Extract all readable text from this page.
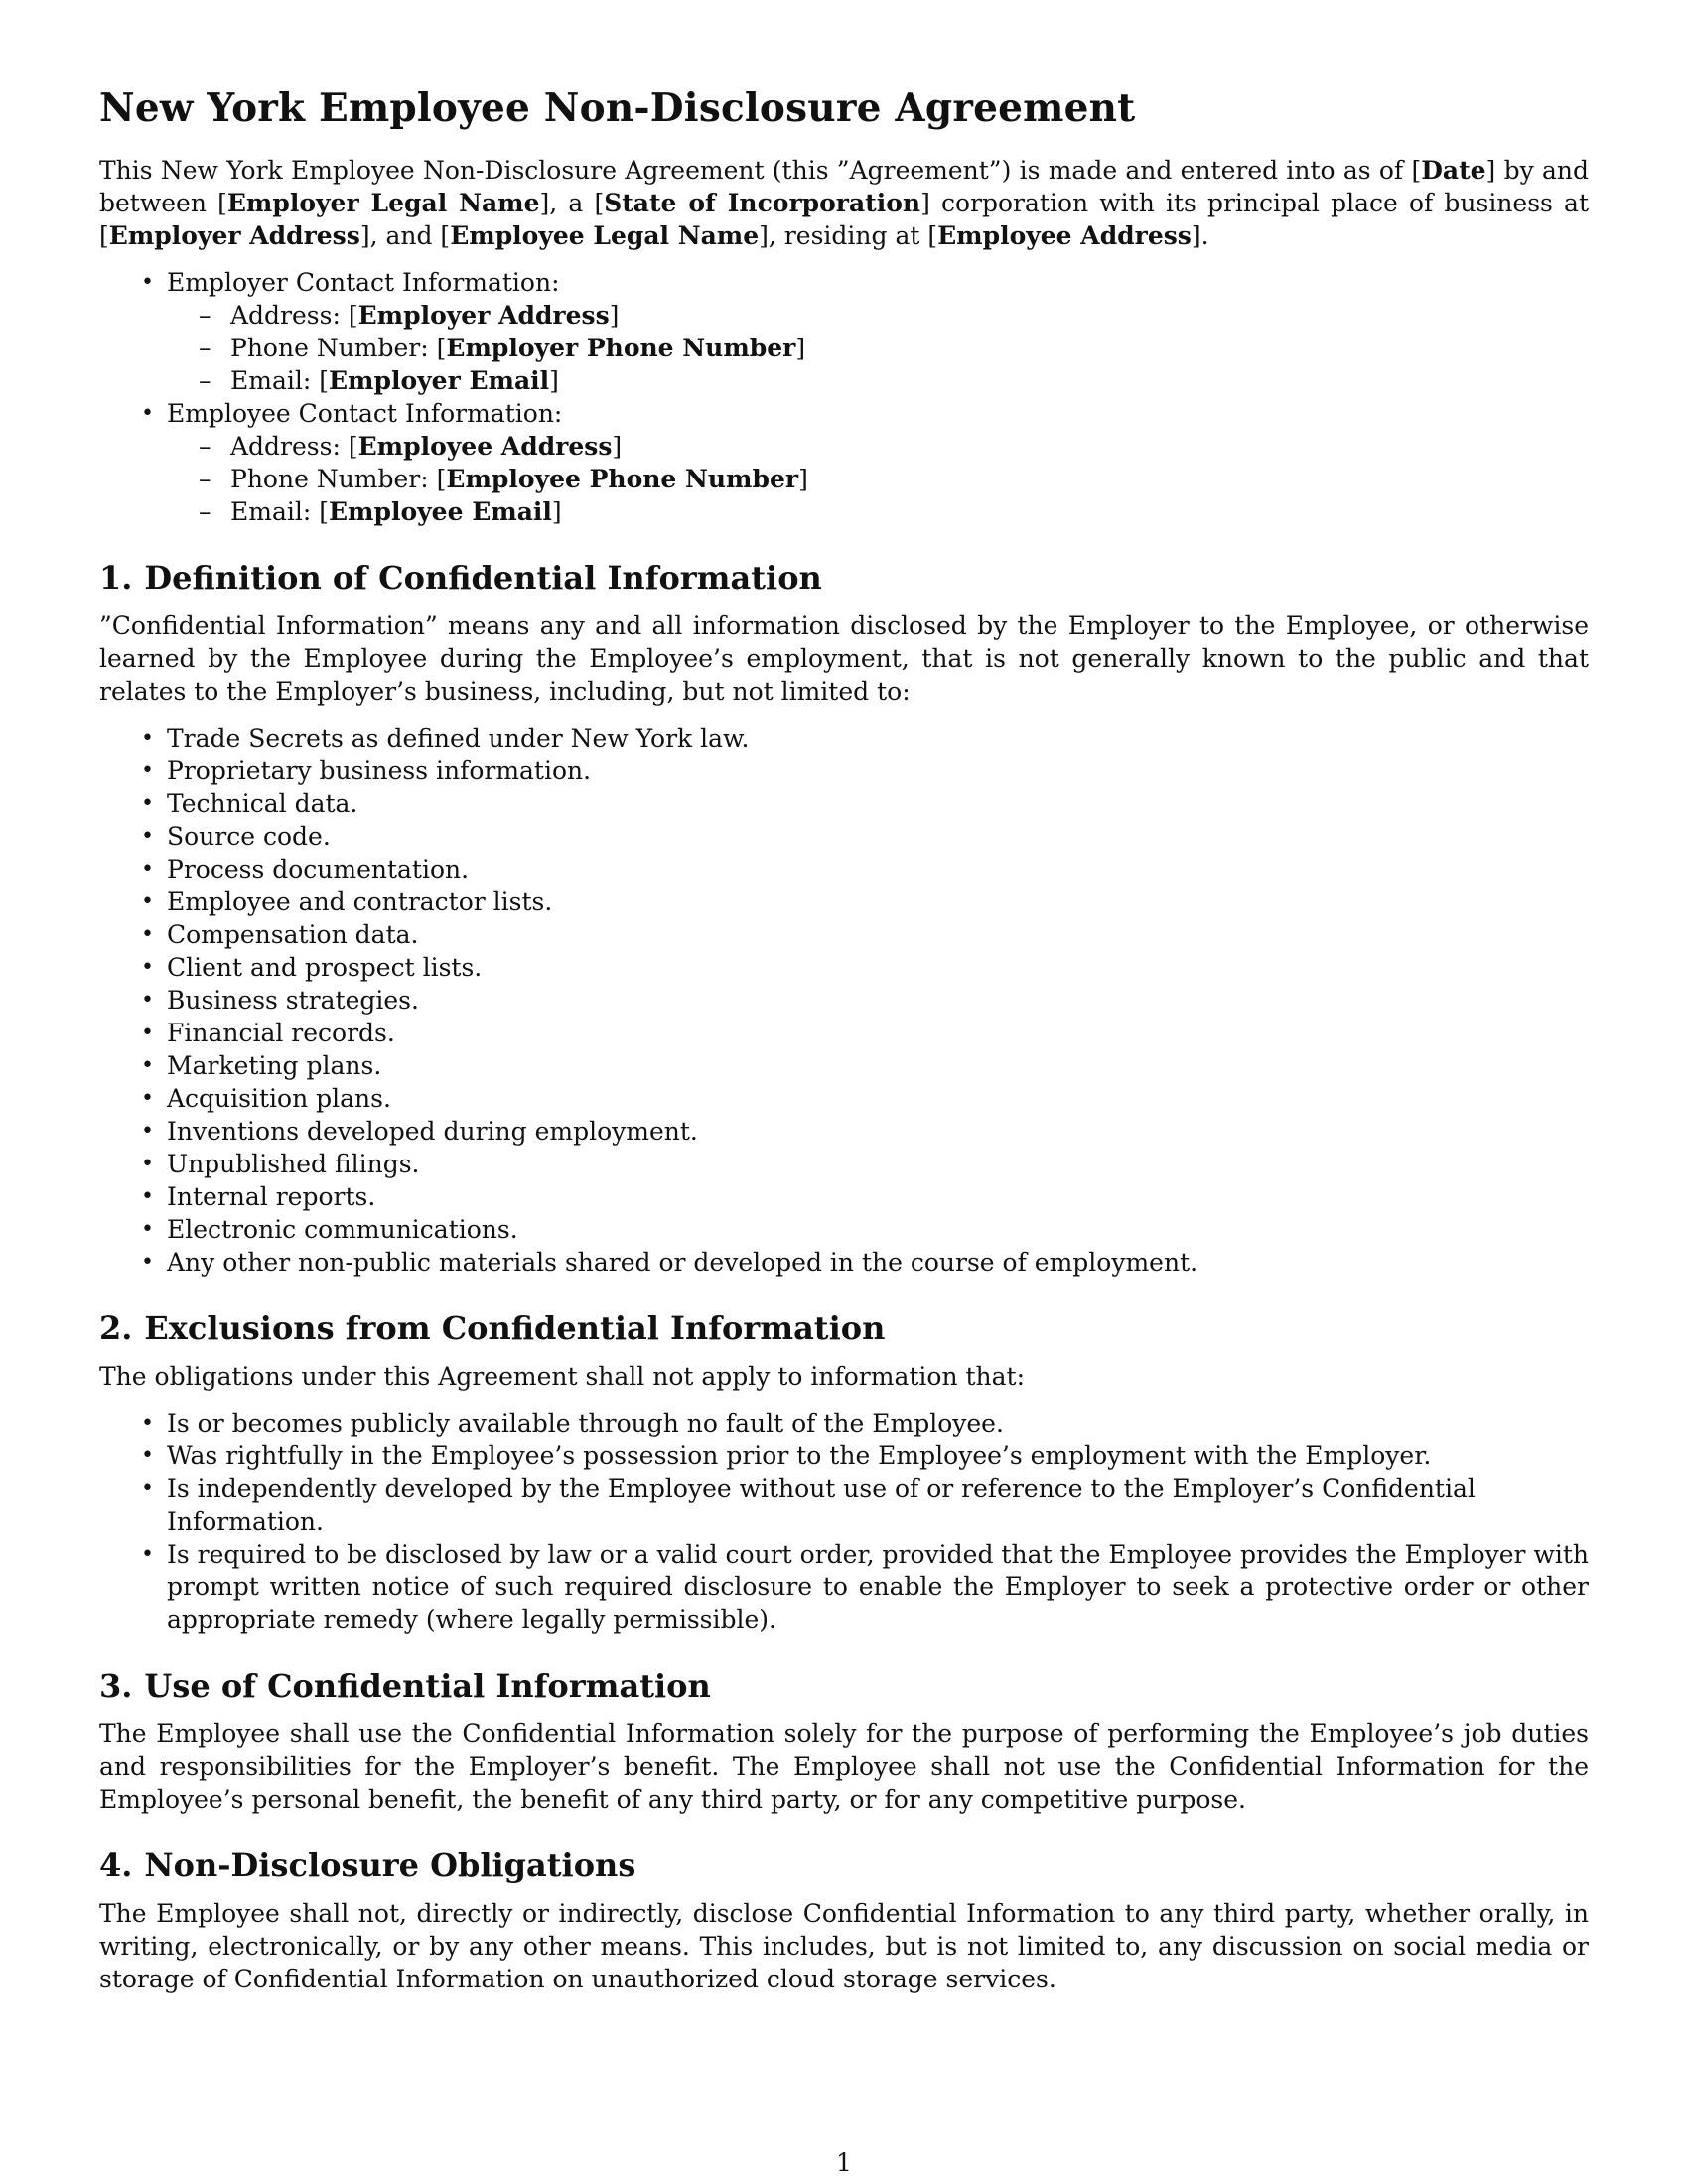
New York Employee Non-Disclosure Agreement

This New York Employee Non-Disclosure Agreement (this ”Agreement”) is made and entered into as of [Date] by and between [Employer Legal Name], a [State of Incorporation] corporation with its principal place of business at [Employer Address], and [Employee Legal Name], residing at [Employee Address].

• Employer Contact Information:
– Address: [Employer Address]
– Phone Number: [Employer Phone Number]
– Email: [Employer Email]
• Employee Contact Information:
– Address: [Employee Address]
– Phone Number: [Employee Phone Number]
– Email: [Employee Email]
1. Definition of Confidential Information

”Confidential Information” means any and all information disclosed by the Employer to the Employee, or otherwise learned by the Employee during the Employee’s employment, that is not generally known to the public and that relates to the Employer’s business, including, but not limited to:

• Trade Secrets as defined under New York law.
• Proprietary business information.
• Technical data.
• Source code.
• Process documentation.
• Employee and contractor lists.
• Compensation data.
• Client and prospect lists.
• Business strategies.
• Financial records.
• Marketing plans.
• Acquisition plans.
• Inventions developed during employment.
• Unpublished filings.
• Internal reports.
• Electronic communications.
• Any other non-public materials shared or developed in the course of employment.
2. Exclusions from Confidential Information

The obligations under this Agreement shall not apply to information that:

• Is or becomes publicly available through no fault of the Employee.
• Was rightfully in the Employee’s possession prior to the Employee’s employment with the Employer.
• Is independently developed by the Employee without use of or reference to the Employer’s Confidential Information.
• Is required to be disclosed by law or a valid court order, provided that the Employee provides the Employer with prompt written notice of such required disclosure to enable the Employer to seek a protective order or other appropriate remedy (where legally permissible).
3. Use of Confidential Information

The Employee shall use the Confidential Information solely for the purpose of performing the Employee’s job duties and responsibilities for the Employer’s benefit. The Employee shall not use the Confidential Information for the Employee’s personal benefit, the benefit of any third party, or for any competitive purpose.

4. Non-Disclosure Obligations

The Employee shall not, directly or indirectly, disclose Confidential Information to any third party, whether orally, in writing, electronically, or by any other means. This includes, but is not limited to, any discussion on social media or storage of Confidential Information on unauthorized cloud storage services.

1
